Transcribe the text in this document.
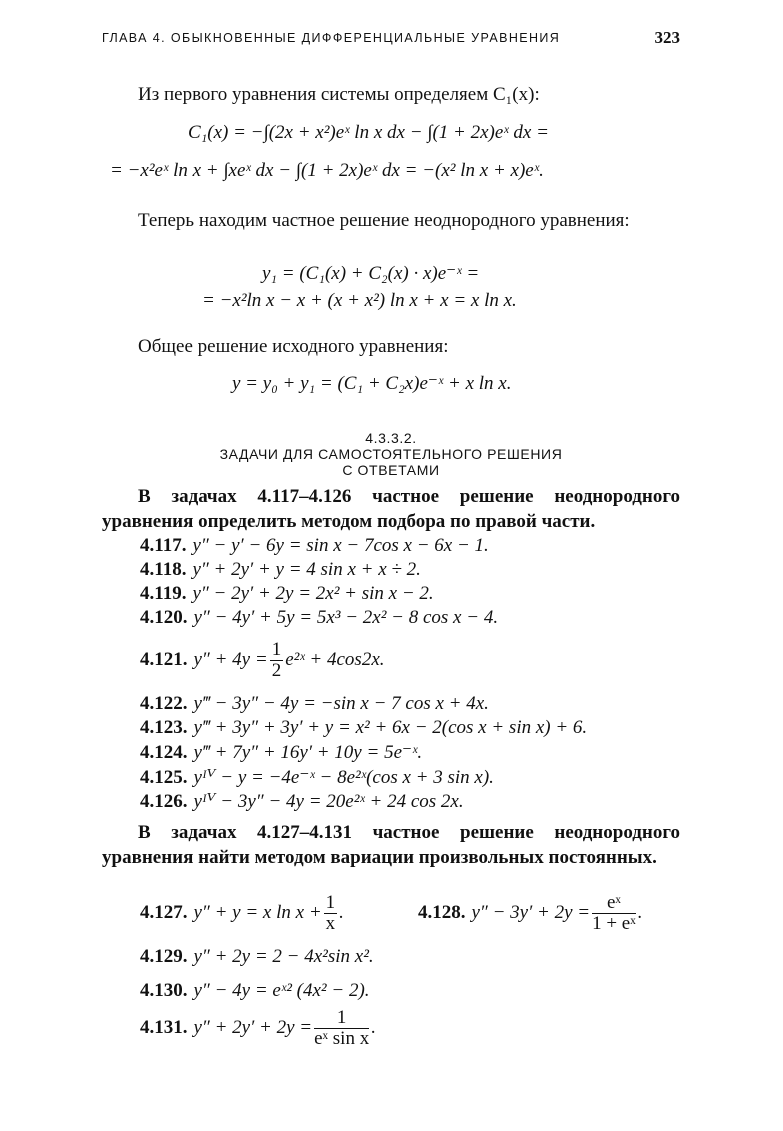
ГЛАВА 4. ОБЫКНОВЕННЫЕ ДИФФЕРЕНЦИАЛЬНЫЕ УРАВНЕНИЯ	323
Из первого уравнения системы определяем C₁(x):
C₁(x) = −∫(2x + x²)eˣ ln x dx − ∫(1 + 2x)eˣ dx =
= −x²eˣ ln x + ∫xeˣ dx − ∫(1 + 2x)eˣ dx = −(x² ln x + x)eˣ.
Теперь находим частное решение неоднородного уравнения:
y₁ = (C₁(x) + C₂(x) · x)e⁻ˣ =
= −x²ln x − x + (x + x²) ln x + x = x ln x.
Общее решение исходного уравнения:
y = y₀ + y₁ = (C₁ + C₂x)e⁻ˣ + x ln x.
4.3.3.2.
ЗАДАЧИ ДЛЯ САМОСТОЯТЕЛЬНОГО РЕШЕНИЯ
С ОТВЕТАМИ
В задачах 4.117–4.126 частное решение неоднородного уравнения определить методом подбора по правой части.
4.117. y″ − y′ − 6y = sin x − 7cos x − 6x − 1.
4.118. y″ + 2y′ + y = 4 sin x + x ÷ 2.
4.119. y″ − 2y′ + 2y = 2x² + sin x − 2.
4.120. y″ − 4y′ + 5y = 5x³ − 2x² − 8 cos x − 4.
4.121. $y'' + 4y = \frac{1}{2}$ e²ˣ + 4cos2x.
4.122. y‴ − 3y″ − 4y = −sin x − 7 cos x + 4x.
4.123. y‴ + 3y″ + 3y′ + y = x² + 6x − 2(cos x + sin x) + 6.
4.124. y‴ + 7y″ + 16y′ + 10y = 5e⁻ˣ.
4.125. yᴵⱽ − y = −4e⁻ˣ − 8e²ˣ(cos x + 3 sin x).
4.126. yᴵⱽ − 3y″ − 4y = 20e²ˣ + 24 cos 2x.
В задачах 4.127–4.131 частное решение неоднородного уравнения найти методом вариации произвольных постоянных.
4.127. y″ + y = x $\ln x + \frac{1}{x}$ .	4.128. $y'' - 3y' + 2y = \frac{\text{eˣ}}{\text{1 + eˣ}}$ .
4.129. y″ + 2y = 2 − 4x²sin x².
4.130. y″ − 4y = eˣ² (4x² − 2).
4.131. $y'' + 2y' + 2y = \frac{1}{\text{eˣ sin x}}$ .
